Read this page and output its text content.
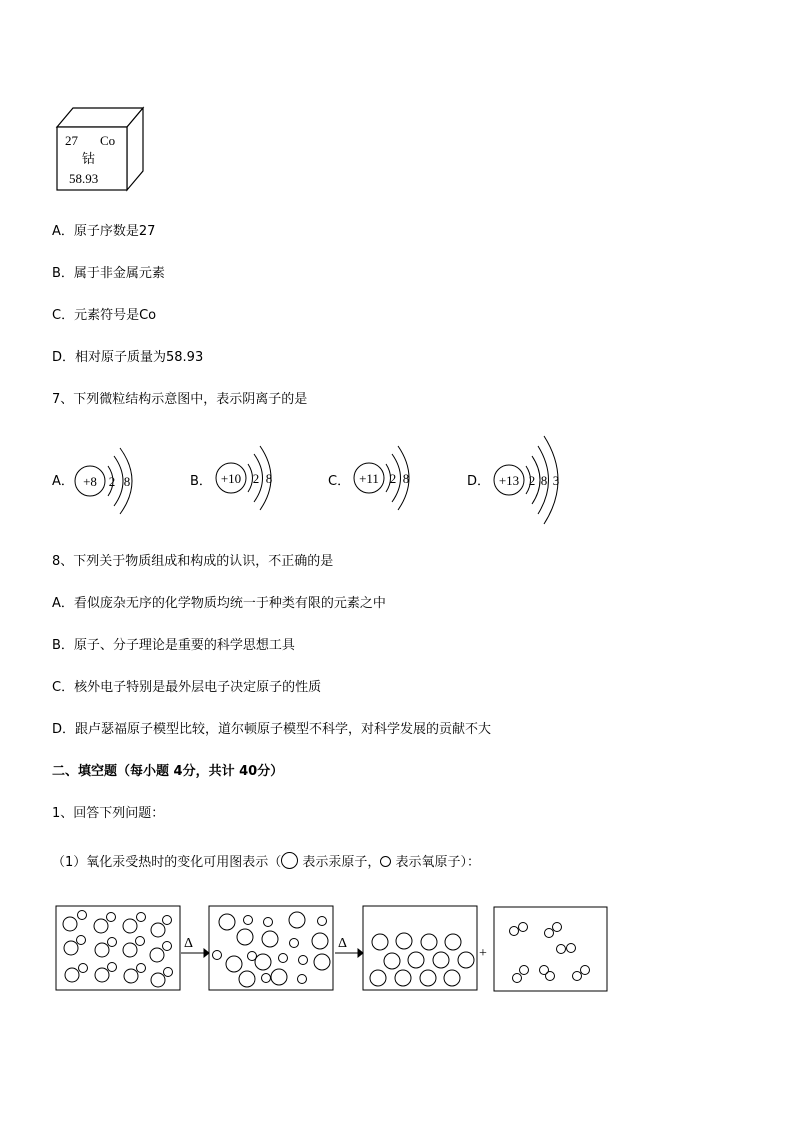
27 Co
钴
58.93
A．原子序数是27
B．属于非金属元素
C．元素符号是Co
D．相对原子质量为58.93
7、下列微粒结构示意图中，表示阴离子的是
A． +8 2 8	B． +10 2 8	C． +11 2 8	D． +13 2 8 3
8、下列关于物质组成和构成的认识，不正确的是
A．看似庞杂无序的化学物质均统一于种类有限的元素之中
B．原子、分子理论是重要的科学思想工具
C．核外电子特别是最外层电子决定原子的性质
D．跟卢瑟福原子模型比较，道尔顿原子模型不科学，对科学发展的贡献不大
二、填空题（每小题 4分，共计 40分）
1、回答下列问题：
（1）氧化汞受热时的变化可用图表示（ 表示汞原子， 表示氧原子）：
Δ	Δ
+
